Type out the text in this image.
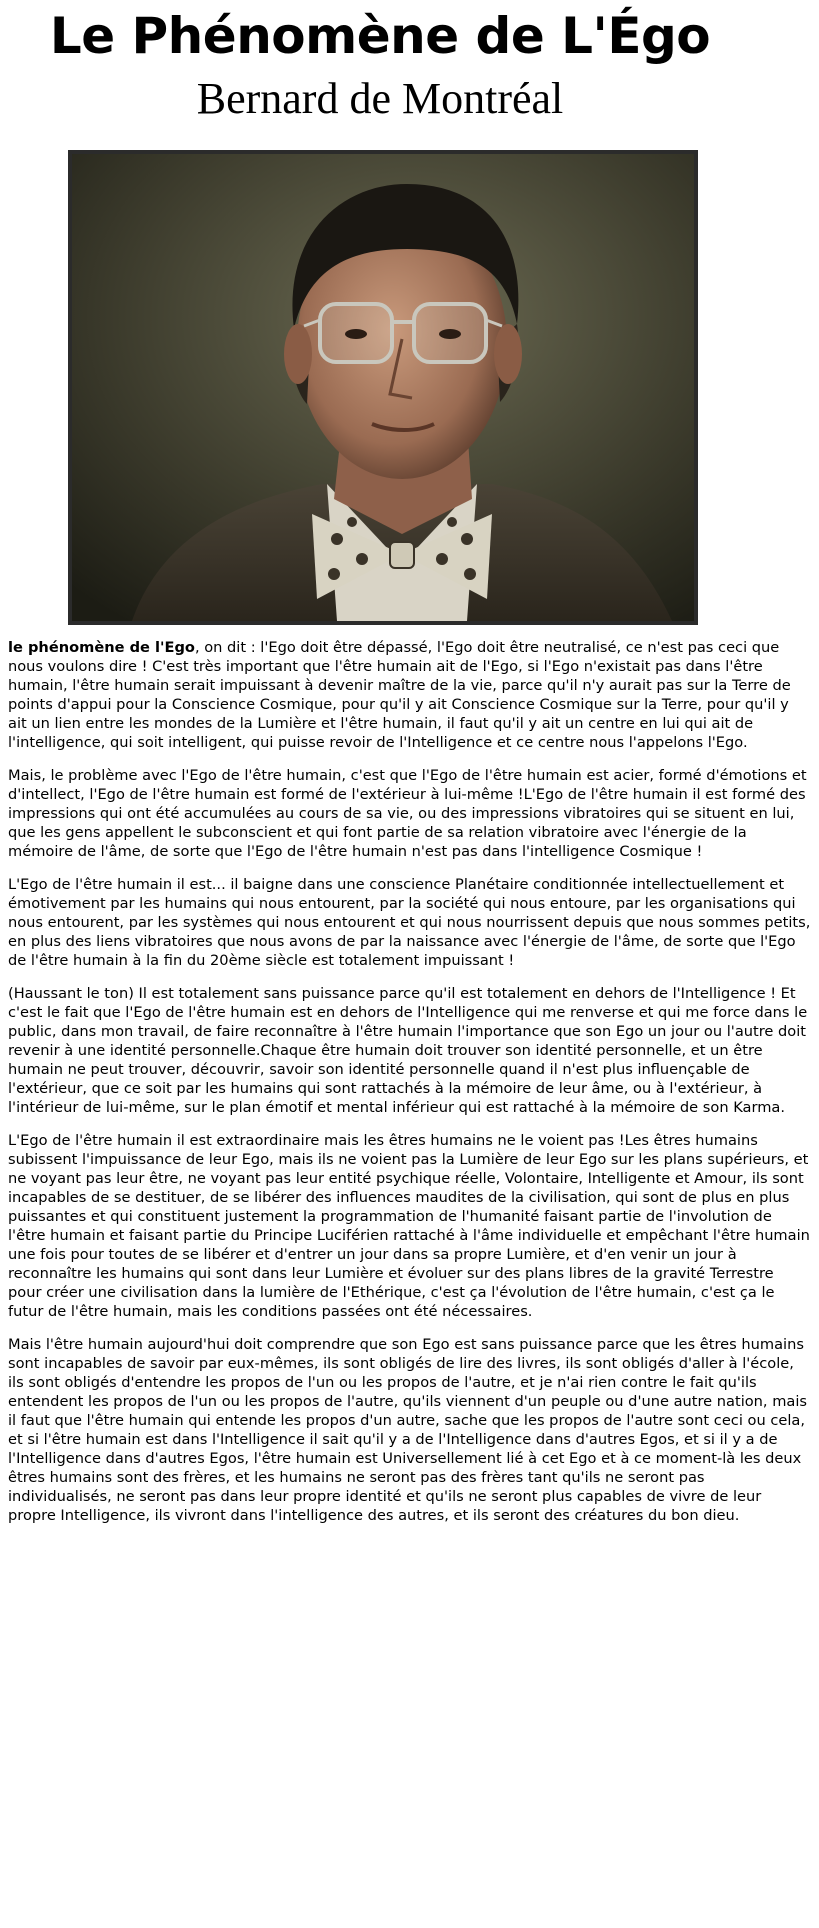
Le Phénomène de L'Égo
Bernard de Montréal

le phénomène de l'Ego, on dit : l'Ego doit être dépassé, l'Ego doit être neutralisé, ce n'est pas ceci que nous voulons dire ! C'est très important que l'être humain ait de l'Ego, si l'Ego n'existait pas dans l'être humain, l'être humain serait impuissant à devenir maître de la vie, parce qu'il n'y aurait pas sur la Terre de points d'appui pour la Conscience Cosmique, pour qu'il y ait Conscience Cosmique sur la Terre, pour qu'il y ait un lien entre les mondes de la Lumière et l'être humain, il faut qu'il y ait un centre en lui qui ait de l'intelligence, qui soit intelligent, qui puisse revoir de l'Intelligence et ce centre nous l'appelons l'Ego.

Mais, le problème avec l'Ego de l'être humain, c'est que l'Ego de l'être humain est acier, formé d'émotions et d'intellect, l'Ego de l'être humain est formé de l'extérieur à lui-même !L'Ego de l'être humain il est formé des impressions qui ont été accumulées au cours de sa vie, ou des impressions vibratoires qui se situent en lui, que les gens appellent le subconscient et qui font partie de sa relation vibratoire avec l'énergie de la mémoire de l'âme, de sorte que l'Ego de l'être humain n'est pas dans l'intelligence Cosmique !

L'Ego de l'être humain il est... il baigne dans une conscience Planétaire conditionnée intellectuellement et émotivement par les humains qui nous entourent, par la société qui nous entoure, par les organisations qui nous entourent, par les systèmes qui nous entourent et qui nous nourrissent depuis que nous sommes petits, en plus des liens vibratoires que nous avons de par la naissance avec l'énergie de l'âme, de sorte que l'Ego de l'être humain à la fin du 20ème siècle est totalement impuissant !

(Haussant le ton) Il est totalement sans puissance parce qu'il est totalement en dehors de l'Intelligence ! Et c'est le fait que l'Ego de l'être humain est en dehors de l'Intelligence qui me renverse et qui me force dans le public, dans mon travail, de faire reconnaître à l'être humain l'importance que son Ego un jour ou l'autre doit revenir à une identité personnelle.Chaque être humain doit trouver son identité personnelle, et un être humain ne peut trouver, découvrir, savoir son identité personnelle quand il n'est plus influençable de l'extérieur, que ce soit par les humains qui sont rattachés à la mémoire de leur âme, ou à l'extérieur, à l'intérieur de lui-même, sur le plan émotif et mental inférieur qui est rattaché à la mémoire de son Karma.

L'Ego de l'être humain il est extraordinaire mais les êtres humains ne le voient pas !Les êtres humains subissent l'impuissance de leur Ego, mais ils ne voient pas la Lumière de leur Ego sur les plans supérieurs, et ne voyant pas leur être, ne voyant pas leur entité psychique réelle, Volontaire, Intelligente et Amour, ils sont incapables de se destituer, de se libérer des influences maudites de la civilisation, qui sont de plus en plus puissantes et qui constituent justement la programmation de l'humanité faisant partie de l'involution de l'être humain et faisant partie du Principe Luciférien rattaché à l'âme individuelle et empêchant l'être humain une fois pour toutes de se libérer et d'entrer un jour dans sa propre Lumière, et d'en venir un jour à reconnaître les humains qui sont dans leur Lumière et évoluer sur des plans libres de la gravité Terrestre pour créer une civilisation dans la lumière de l'Ethérique, c'est ça l'évolution de l'être humain, c'est ça le futur de l'être humain, mais les conditions passées ont été nécessaires.

Mais l'être humain aujourd'hui doit comprendre que son Ego est sans puissance parce que les êtres humains sont incapables de savoir par eux-mêmes, ils sont obligés de lire des livres, ils sont obligés d'aller à l'école, ils sont obligés d'entendre les propos de l'un ou les propos de l'autre, et je n'ai rien contre le fait qu'ils entendent les propos de l'un ou les propos de l'autre, qu'ils viennent d'un peuple ou d'une autre nation, mais il faut que l'être humain qui entende les propos d'un autre, sache que les propos de l'autre sont ceci ou cela, et si l'être humain est dans l'Intelligence il sait qu'il y a de l'Intelligence dans d'autres Egos, et si il y a de l'Intelligence dans d'autres Egos, l'être humain est Universellement lié à cet Ego et à ce moment-là les deux êtres humains sont des frères, et les humains ne seront pas des frères tant qu'ils ne seront pas individualisés, ne seront pas dans leur propre identité et qu'ils ne seront plus capables de vivre de leur propre Intelligence, ils vivront dans l'intelligence des autres, et ils seront des créatures du bon dieu.
